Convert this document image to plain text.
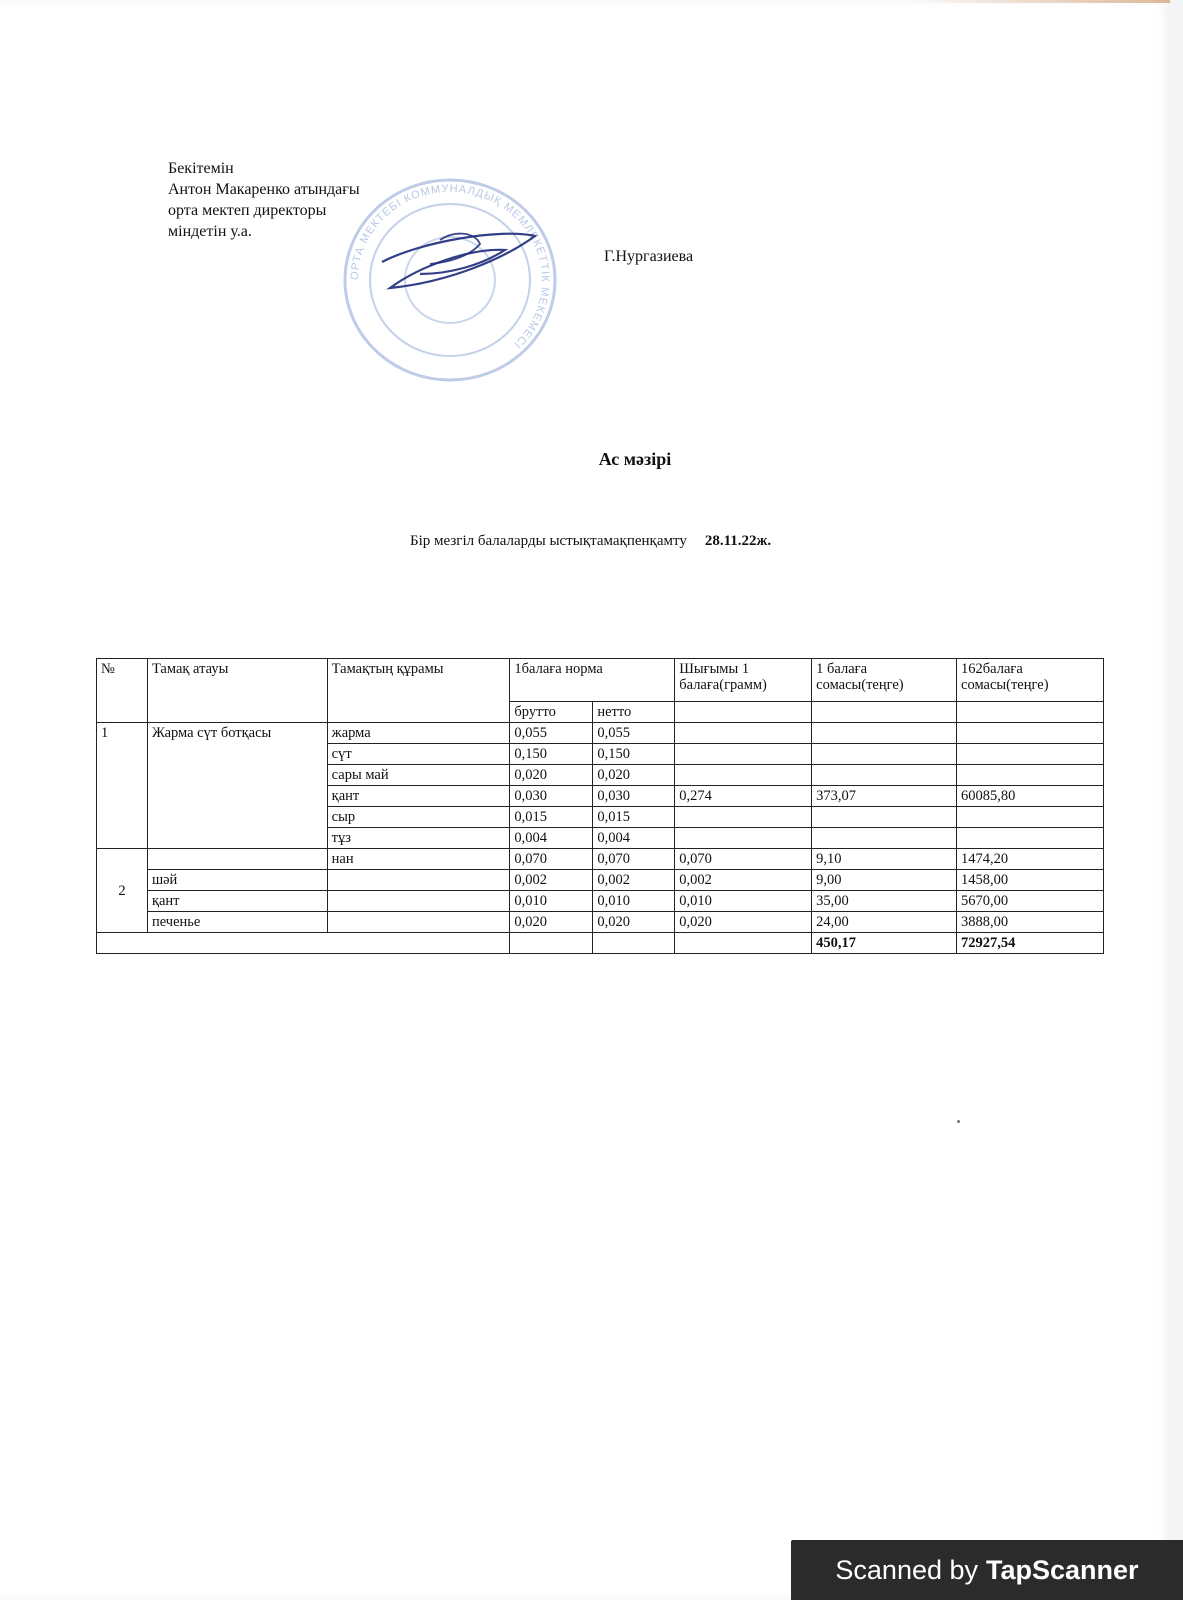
Бекітемін
Антон Макаренко атындағы
орта мектеп директоры
міндетін у.а.
ОРТА МЕКТЕБІ КОММУНАЛДЫҚ МЕМЛЕКЕТТІК МЕКЕМЕСІ
Г.Нургазиева
Ас мәзірі
Бір мезгіл балаларды ыстықтамақпенқамту 28.11.22ж.
№	Тамақ атауы	Тамақтың құрамы	1балаға норма		Шығымы 1 балаға(грамм)	1 балаға сомасы(теңге)	162балаға сомасы(теңге)
			брутто	нетто			
1	Жарма сүт ботқасы	жарма	0,055	0,055			
		сүт	0,150	0,150			
		сары май	0,020	0,020			
		қант	0,030	0,030	0,274	373,07	60085,80
		сыр	0,015	0,015			
		тұз	0,004	0,004			
2		нан	0,070	0,070	0,070	9,10	1474,20
	шәй		0,002	0,002	0,002	9,00	1458,00
	қант		0,010	0,010	0,010	35,00	5670,00
	печенье		0,020	0,020	0,020	24,00	3888,00
						450,17	72927,54
Scanned by TapScanner
